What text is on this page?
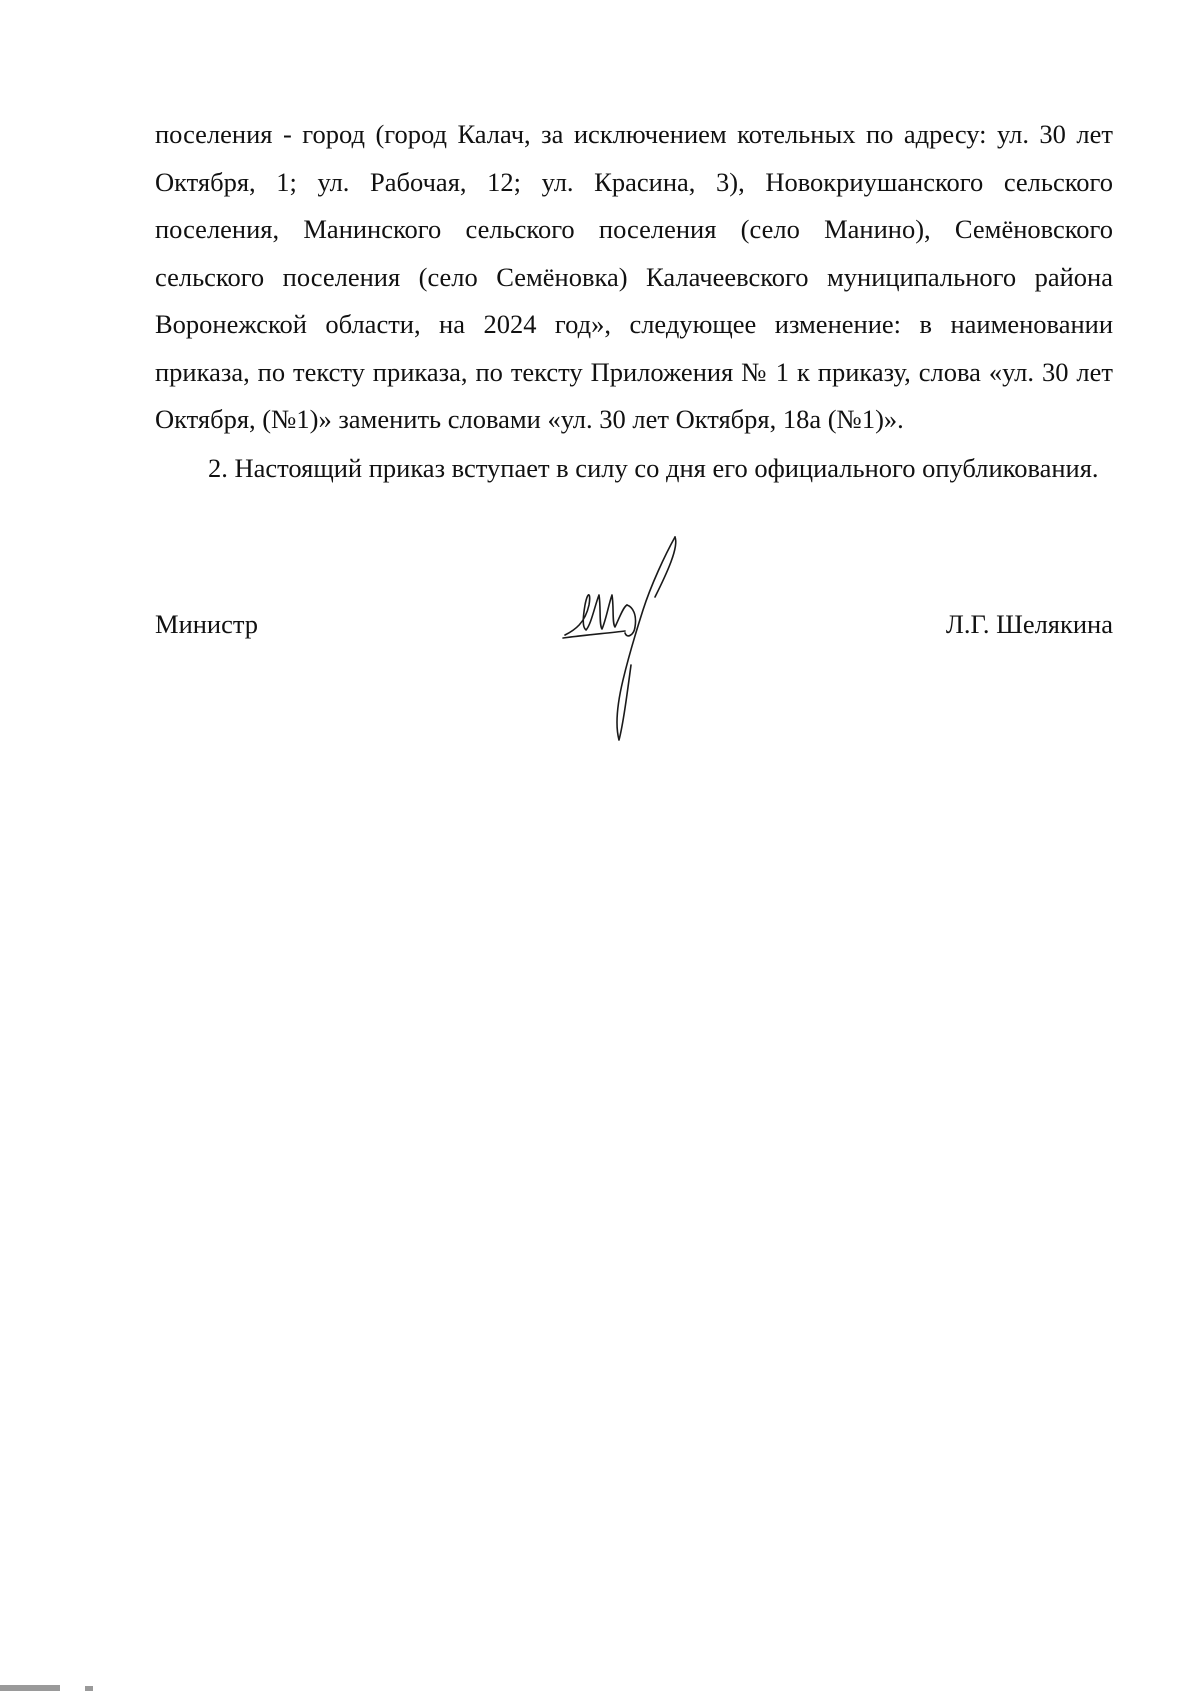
поселения - город (город Калач, за исключением котельных по адресу: ул. 30 лет Октября, 1; ул. Рабочая, 12; ул. Красина, 3), Новокриушанского сельского поселения, Манинского сельского поселения (село Манино), Семёновского сельского поселения (село Семёновка) Калачеевского муниципального района Воронежской области, на 2024 год», следующее изменение: в наименовании приказа, по тексту приказа, по тексту Приложения № 1 к приказу, слова «ул. 30 лет Октября, (№1)» заменить словами «ул. 30 лет Октября, 18а (№1)».

2. Настоящий приказ вступает в силу со дня его официального опубликования.

Министр	Л.Г. Шелякина
